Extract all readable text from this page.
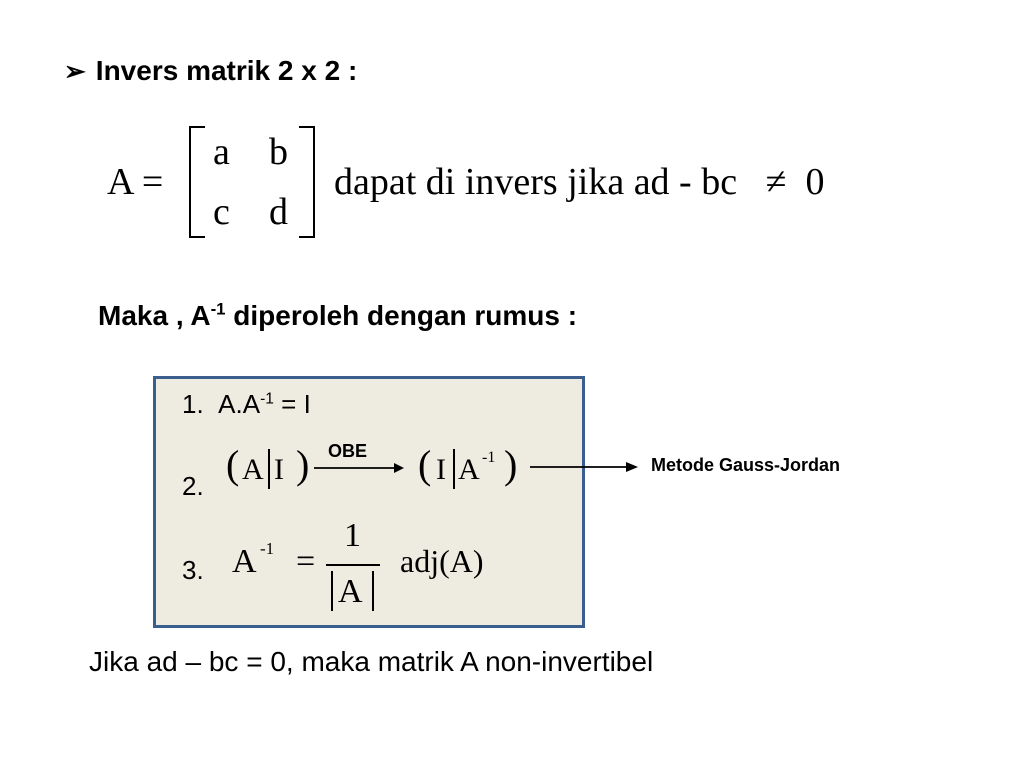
➢ Invers matrik 2 x 2 :
A =
a b
c d
dapat di invers jika ad - bc ≠ 0
Maka , $A^{-1}$ diperoleh dengan rumus :
1. $A.A^{-1} = I$
2. ( A I ) OBE ( I A -1 )
3. A -1 =
1
A
adj(A)
Metode Gauss-Jordan
Jika ad – bc = 0, maka matrik A non-invertibel
